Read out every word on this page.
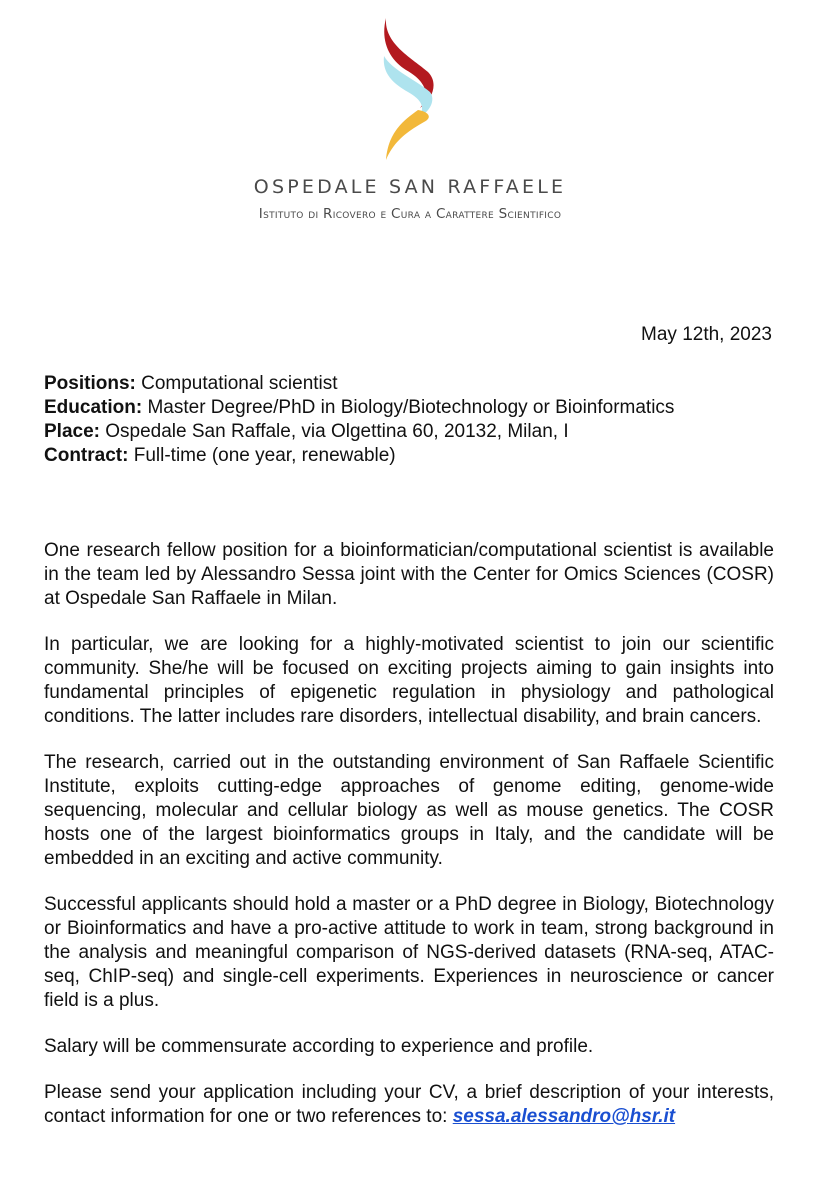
OSPEDALE SAN RAFFAELE

Istituto di Ricovero e Cura a Carattere Scientifico

May 12th, 2023

Positions: Computational scientist

Education: Master Degree/PhD in Biology/Biotechnology or Bioinformatics

Place: Ospedale San Raffale, via Olgettina 60, 20132, Milan, I

Contract: Full-time (one year, renewable)

One research fellow position for a bioinformatician/computational scientist is available in the team led by Alessandro Sessa joint with the Center for Omics Sciences (COSR) at Ospedale San Raffaele in Milan.

In particular, we are looking for a highly-motivated scientist to join our scientific community. She/he will be focused on exciting projects aiming to gain insights into fundamental principles of epigenetic regulation in physiology and pathological conditions. The latter includes rare disorders, intellectual disability, and brain cancers.

The research, carried out in the outstanding environment of San Raffaele Scientific Institute, exploits cutting-edge approaches of genome editing, genome-wide sequencing, molecular and cellular biology as well as mouse genetics. The COSR hosts one of the largest bioinformatics groups in Italy, and the candidate will be embedded in an exciting and active community.

Successful applicants should hold a master or a PhD degree in Biology, Biotechnology or Bioinformatics and have a pro-active attitude to work in team, strong background in the analysis and meaningful comparison of NGS-derived datasets (RNA-seq, ATAC-seq, ChIP-seq) and single-cell experiments. Experiences in neuroscience or cancer field is a plus.

Salary will be commensurate according to experience and profile.

Please send your application including your CV, a brief description of your interests, contact information for one or two references to: sessa.alessandro@hsr.it
